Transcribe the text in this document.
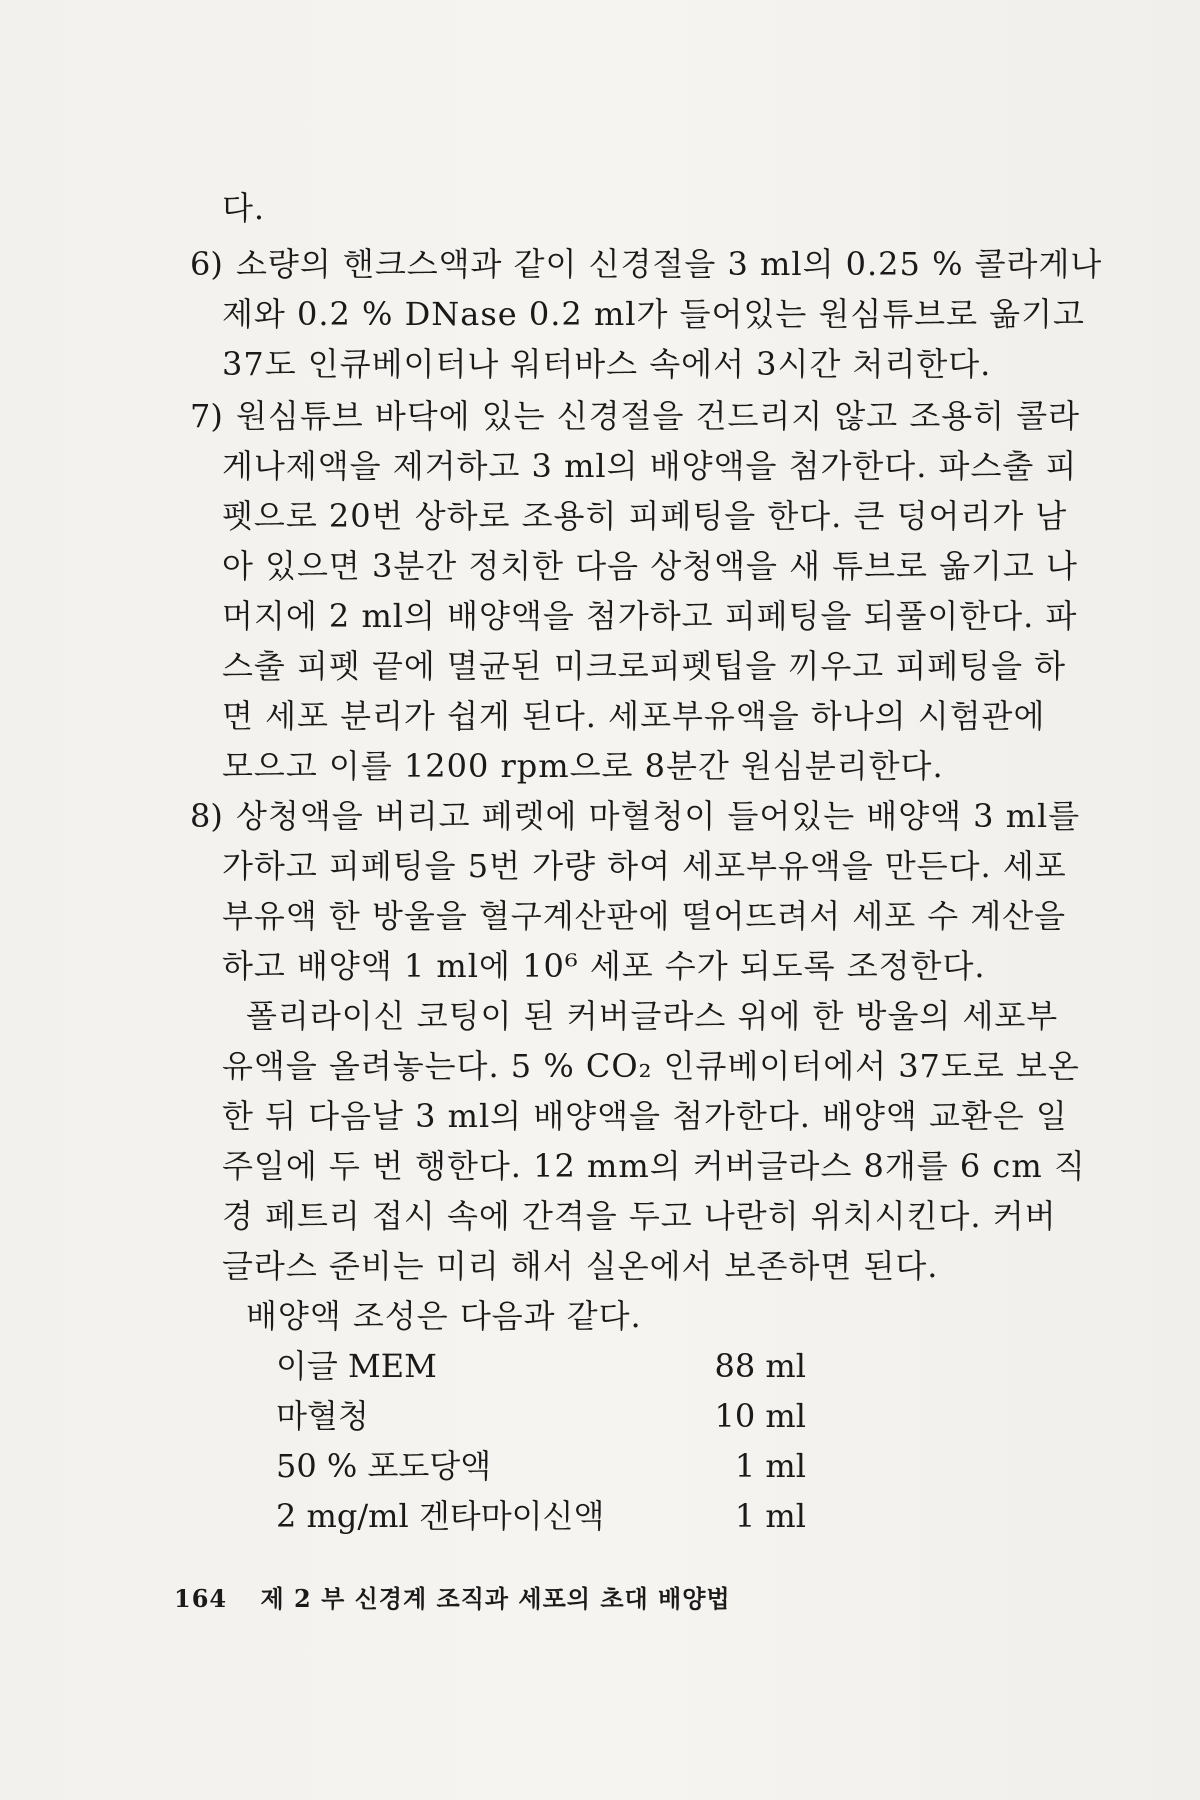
다.
6) 소량의 핸크스액과 같이 신경절을 3 ml의 0.25 % 콜라게나
제와 0.2 % DNase 0.2 ml가 들어있는 원심튜브로 옮기고
37도 인큐베이터나 워터바스 속에서 3시간 처리한다.
7) 원심튜브 바닥에 있는 신경절을 건드리지 않고 조용히 콜라
게나제액을 제거하고 3 ml의 배양액을 첨가한다. 파스출 피
펫으로 20번 상하로 조용히 피페팅을 한다. 큰 덩어리가 남
아 있으면 3분간 정치한 다음 상청액을 새 튜브로 옮기고 나
머지에 2 ml의 배양액을 첨가하고 피페팅을 되풀이한다. 파
스출 피펫 끝에 멸균된 미크로피펫팁을 끼우고 피페팅을 하
면 세포 분리가 쉽게 된다. 세포부유액을 하나의 시험관에
모으고 이를 1200 rpm으로 8분간 원심분리한다.
8) 상청액을 버리고 페렛에 마혈청이 들어있는 배양액 3 ml를
가하고 피페팅을 5번 가량 하여 세포부유액을 만든다. 세포
부유액 한 방울을 혈구계산판에 떨어뜨려서 세포 수 계산을
하고 배양액 1 ml에 10⁶ 세포 수가 되도록 조정한다.
폴리라이신 코팅이 된 커버글라스 위에 한 방울의 세포부
유액을 올려놓는다. 5 % CO₂ 인큐베이터에서 37도로 보온
한 뒤 다음날 3 ml의 배양액을 첨가한다. 배양액 교환은 일
주일에 두 번 행한다. 12 mm의 커버글라스 8개를 6 cm 직
경 페트리 접시 속에 간격을 두고 나란히 위치시킨다. 커버
글라스 준비는 미리 해서 실온에서 보존하면 된다.
배양액 조성은 다음과 같다.
이글 MEM	88 ml
마혈청	10 ml
50 % 포도당액	1 ml
2 mg/ml 겐타마이신액	1 ml
164 제 2 부 신경계 조직과 세포의 초대 배양법
